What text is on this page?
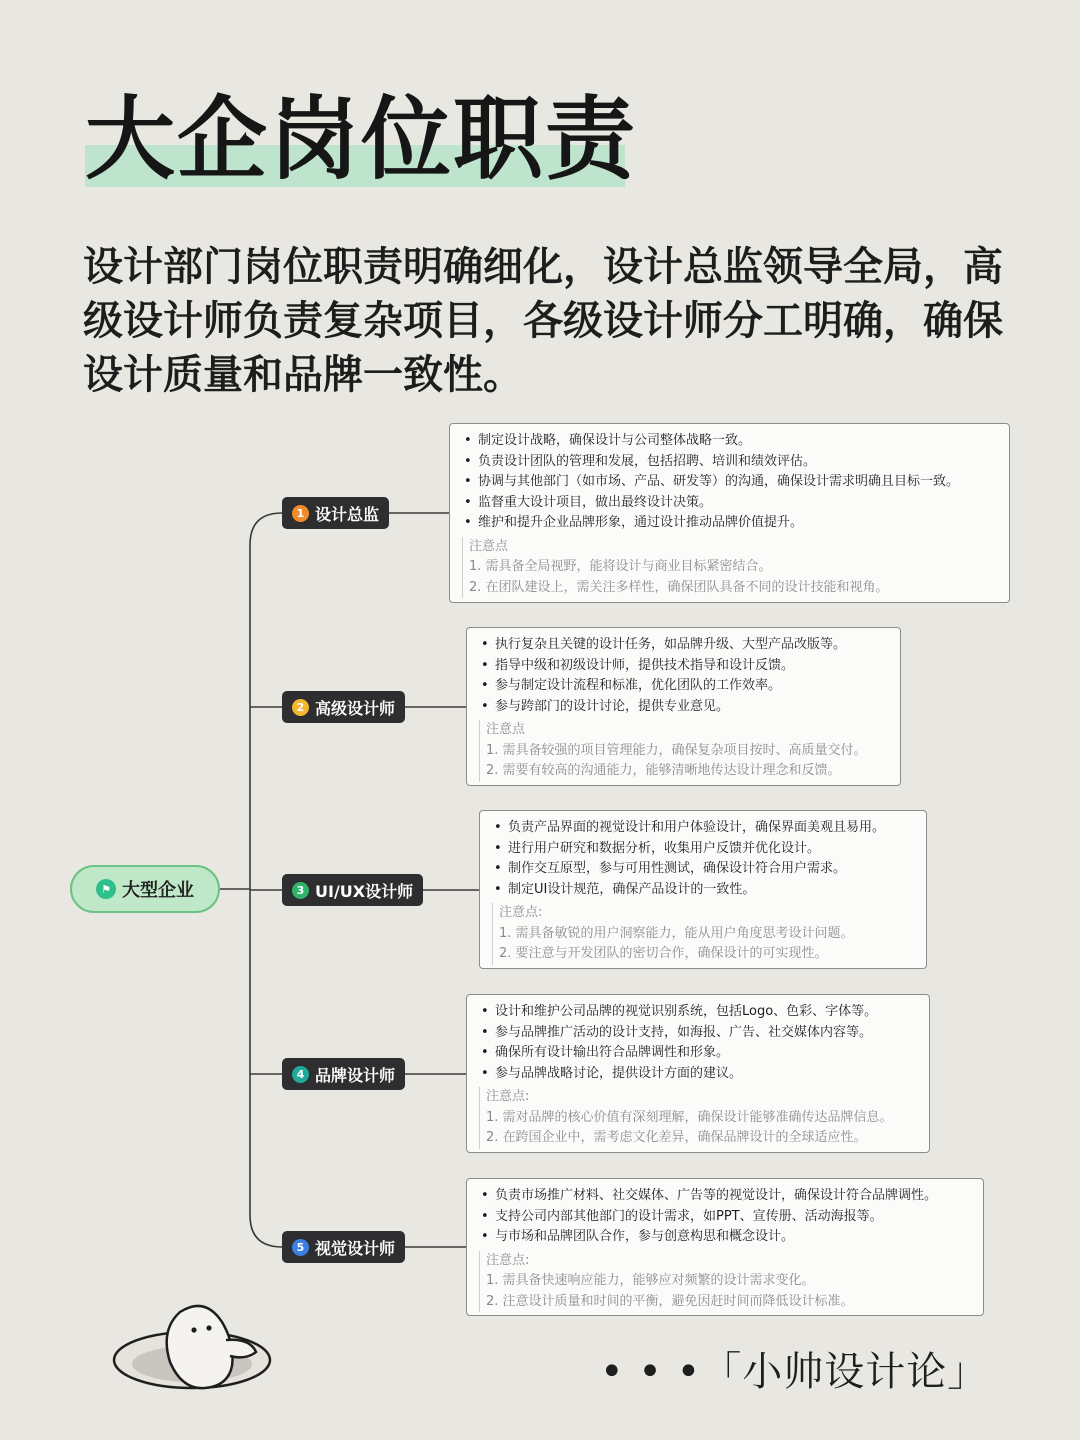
大企岗位职责
设计部门岗位职责明确细化，设计总监领导全局，高级设计师负责复杂项目，各级设计师分工明确，确保设计质量和品牌一致性。
⚑ 大型企业
1 设计总监
• 制定设计战略，确保设计与公司整体战略一致。
• 负责设计团队的管理和发展，包括招聘、培训和绩效评估。
• 协调与其他部门（如市场、产品、研发等）的沟通，确保设计需求明确且目标一致。
• 监督重大设计项目，做出最终设计决策。
• 维护和提升企业品牌形象，通过设计推动品牌价值提升。
注意点
1. 需具备全局视野，能将设计与商业目标紧密结合。
2. 在团队建设上，需关注多样性，确保团队具备不同的设计技能和视角。
2 高级设计师
• 执行复杂且关键的设计任务，如品牌升级、大型产品改版等。
• 指导中级和初级设计师，提供技术指导和设计反馈。
• 参与制定设计流程和标准，优化团队的工作效率。
• 参与跨部门的设计讨论，提供专业意见。
注意点
1. 需具备较强的项目管理能力，确保复杂项目按时、高质量交付。
2. 需要有较高的沟通能力，能够清晰地传达设计理念和反馈。
3 UI/UX设计师
• 负责产品界面的视觉设计和用户体验设计，确保界面美观且易用。
• 进行用户研究和数据分析，收集用户反馈并优化设计。
• 制作交互原型，参与可用性测试，确保设计符合用户需求。
• 制定UI设计规范，确保产品设计的一致性。
注意点:
1. 需具备敏锐的用户洞察能力，能从用户角度思考设计问题。
2. 要注意与开发团队的密切合作，确保设计的可实现性。
4 品牌设计师
• 设计和维护公司品牌的视觉识别系统，包括Logo、色彩、字体等。
• 参与品牌推广活动的设计支持，如海报、广告、社交媒体内容等。
• 确保所有设计输出符合品牌调性和形象。
• 参与品牌战略讨论，提供设计方面的建议。
注意点:
1. 需对品牌的核心价值有深刻理解，确保设计能够准确传达品牌信息。
2. 在跨国企业中，需考虑文化差异，确保品牌设计的全球适应性。
5 视觉设计师
• 负责市场推广材料、社交媒体、广告等的视觉设计，确保设计符合品牌调性。
• 支持公司内部其他部门的设计需求，如PPT、宣传册、活动海报等。
• 与市场和品牌团队合作，参与创意构思和概念设计。
注意点:
1. 需具备快速响应能力，能够应对频繁的设计需求变化。
2. 注意设计质量和时间的平衡，避免因赶时间而降低设计标准。
• • •「小帅设计论」
